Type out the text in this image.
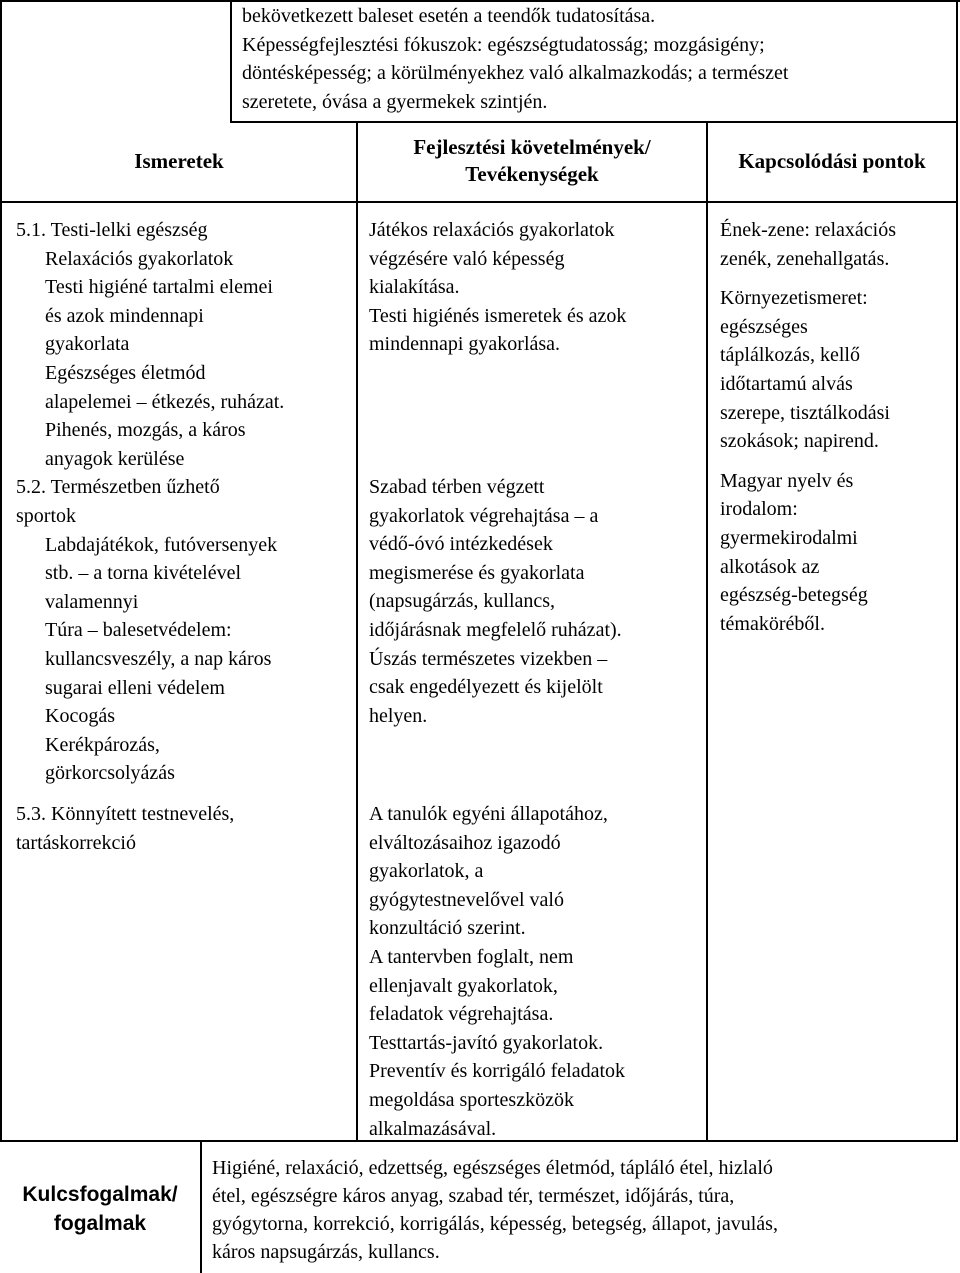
bekövetkezett baleset esetén a teendők tudatosítása.

Képességfejlesztési fókuszok: egészségtudatosság; mozgásigény;

döntésképesség; a körülményekhez való alkalmazkodás; a természet

szeretete, óvása a gyermekek szintjén.

Ismeretek

Fejlesztési követelmények/

Tevékenységek

Kapcsolódási pontok

5.1. Testi-lelki egészség

Relaxációs gyakorlatok

Testi higiéné tartalmi elemei

és azok mindennapi

gyakorlata

Egészséges életmód

alapelemei – étkezés, ruházat.

Pihenés, mozgás, a káros

anyagok kerülése

5.2. Természetben űzhető

sportok

Labdajátékok, futóversenyek

stb. – a torna kivételével

valamennyi

Túra – balesetvédelem:

kullancsveszély, a nap káros

sugarai elleni védelem

Kocogás

Kerékpározás,

görkorcsolyázás

5.3. Könnyített testnevelés,

tartáskorrekció

Játékos relaxációs gyakorlatok

végzésére való képesség

kialakítása.

Testi higiénés ismeretek és azok

mindennapi gyakorlása.

Szabad térben végzett

gyakorlatok végrehajtása – a

védő-óvó intézkedések

megismerése és gyakorlata

(napsugárzás, kullancs,

időjárásnak megfelelő ruházat).

Úszás természetes vizekben –

csak engedélyezett és kijelölt

helyen.

A tanulók egyéni állapotához,

elváltozásaihoz igazodó

gyakorlatok, a

gyógytestnevelővel való

konzultáció szerint.

A tantervben foglalt, nem

ellenjavalt gyakorlatok,

feladatok végrehajtása.

Testtartás-javító gyakorlatok.

Preventív és korrigáló feladatok

megoldása sporteszközök

alkalmazásával.

Ének-zene: relaxációs

zenék, zenehallgatás.

Környezetismeret:

egészséges

táplálkozás, kellő

időtartamú alvás

szerepe, tisztálkodási

szokások; napirend.

Magyar nyelv és

irodalom:

gyermekirodalmi

alkotások az

egészség-betegség

témaköréből.

Kulcsfogalmak/

fogalmak

Higiéné, relaxáció, edzettség, egészséges életmód, tápláló étel, hizlaló

étel, egészségre káros anyag, szabad tér, természet, időjárás, túra,

gyógytorna, korrekció, korrigálás, képesség, betegség, állapot, javulás,

káros napsugárzás, kullancs.
